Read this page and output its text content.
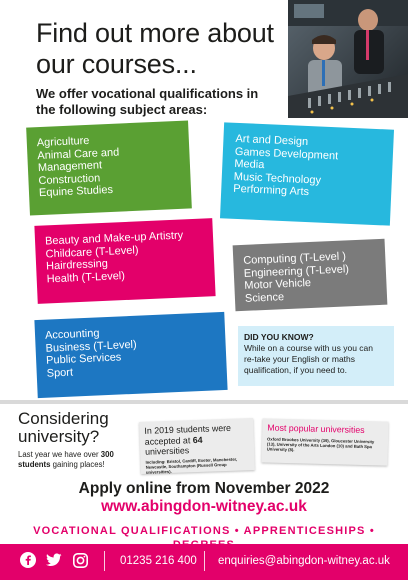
Find out more about
our courses...
We offer vocational qualifications in
the following subject areas:
Agriculture
Animal Care and
Management
Construction
Equine Studies
Art and Design
Games Development
Media
Music Technology
Performing Arts
Beauty and Make-up Artistry
Childcare (T-Level)
Hairdressing
Health (T-Level)
Computing (T-Level )
Engineering (T-Level)
Motor Vehicle
Science
Accounting
Business (T-Level)
Public Services
Sport
DID YOU KNOW?
While on a course with us you can
re-take your English or maths
qualification, if you need to.
Considering
university?
Last year we have over 300
students gaining places!
In 2019 students were
accepted at 64 universities
Including: Bristol, Cardiff, Exeter, Manchester, Newcastle, Southampton (Russell Group universities).
Most popular universities
Oxford Brookes University (39), Gloucester University (13), University of the Arts London (10) and Bath Spa University (8).
Apply online from November 2022
www.abingdon-witney.ac.uk
VOCATIONAL QUALIFICATIONS • APPRENTICESHIPS •
01235 216 400 enquiries@abingdon-witney.ac.uk
